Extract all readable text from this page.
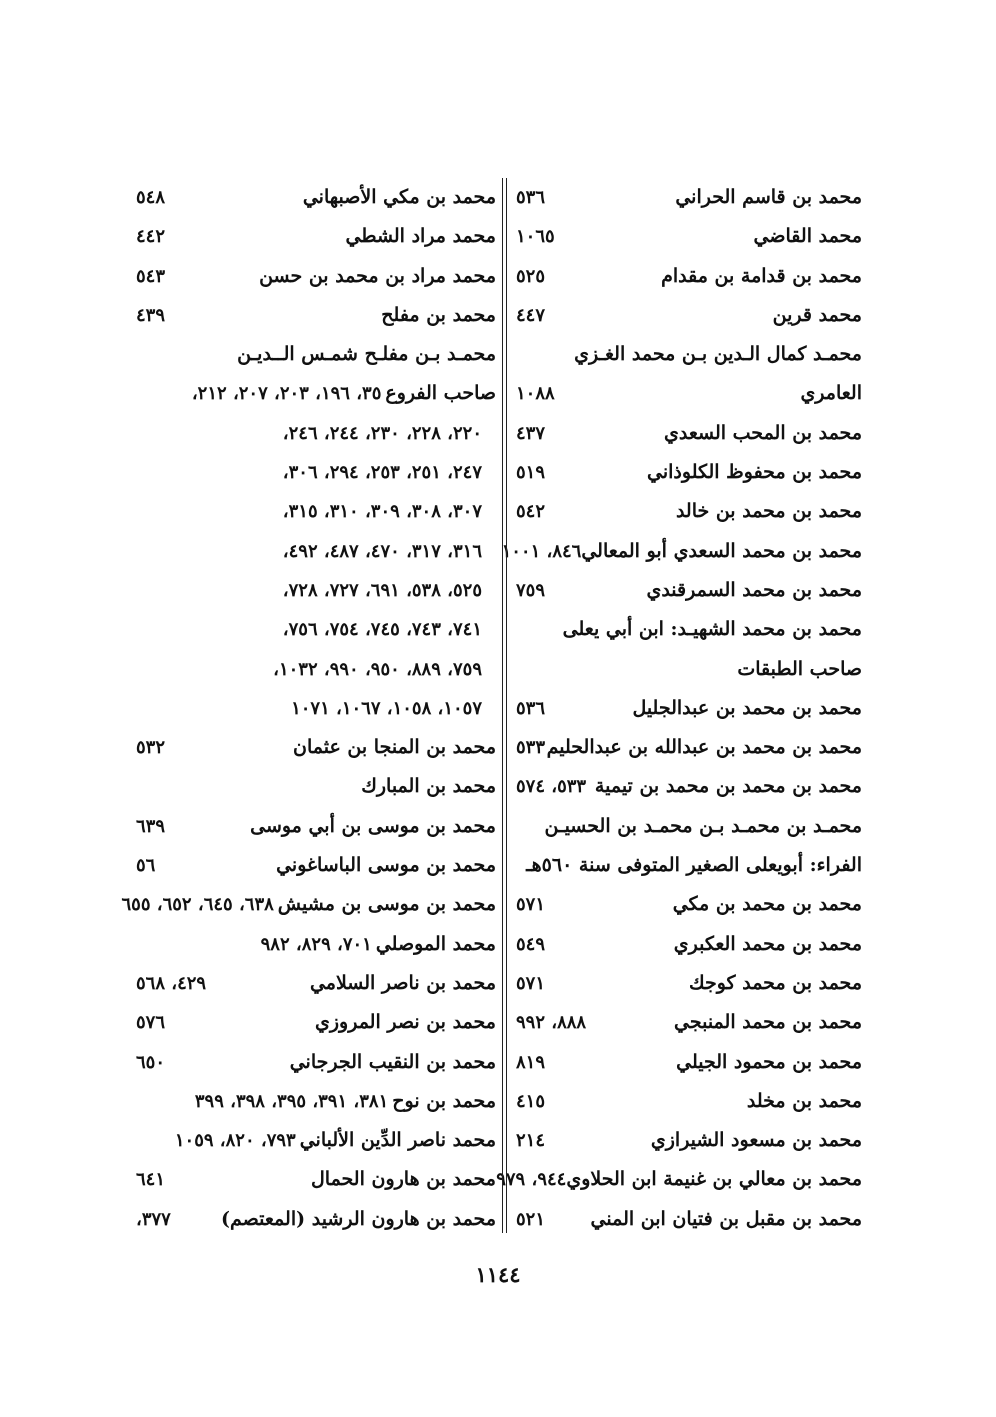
محمد بن قاسم الحراني
٥٣٦
محمد القاضي
١٠٦٥
محمد بن قدامة بن مقدام
٥٢٥
محمد قرين
٤٤٧
محمـد كمال الـدين بـن محمد الغـزي
العامري
١٠٨٨
محمد بن المحب السعدي
٤٣٧
محمد بن محفوظ الكلوذاني
٥١٩
محمد بن محمد بن خالد
٥٤٢
محمد بن محمد السعدي أبو المعالي
٨٤٦، ١٠٠١
محمد بن محمد السمرقندي
٧٥٩
محمد بن محمد الشهيـد: ابن أبي يعلى
صاحب الطبقات
محمد بن محمد بن عبدالجليل
٥٣٦
محمد بن محمد بن عبدالله بن عبدالحليم
٥٣٣
محمد بن محمد بن محمد بن تيمية
٥٣٣، ٥٧٤
محمـد بن محمـد بـن محمـد بن الحسيـن
الفراء: أبويعلى الصغير المتوفى سنة ٥٦٠هـ
محمد بن محمد بن مكي
٥٧١
محمد بن محمد العكبري
٥٤٩
محمد بن محمد كوجك
٥٧١
محمد بن محمد المنبجي
٨٨٨، ٩٩٢
محمد بن محمود الجيلي
٨١٩
محمد بن مخلد
٤١٥
محمد بن مسعود الشيرازي
٢١٤
محمد بن معالي بن غنيمة ابن الحلاوي
٩٤٤، ٩٧٩
محمد بن مقبل بن فتيان ابن المني
٥٢١
محمد بن مكي الأصبهاني
٥٤٨
محمد مراد الشطي
٤٤٢
محمد مراد بن محمد بن حسن
٥٤٣
محمد بن مفلح
٤٣٩
محمـد بـن مفلـح شمـس الــديـن
صاحب الفروع
٣٥، ١٩٦، ٢٠٣، ٢٠٧، ٢١٢،
٢٢٠، ٢٢٨، ٢٣٠، ٢٤٤، ٢٤٦،
٢٤٧، ٢٥١، ٢٥٣، ٢٩٤، ٣٠٦،
٣٠٧، ٣٠٨، ٣٠٩، ٣١٠، ٣١٥،
٣١٦، ٣١٧، ٤٧٠، ٤٨٧، ٤٩٢،
٥٢٥، ٥٣٨، ٦٩١، ٧٢٧، ٧٢٨،
٧٤١، ٧٤٣، ٧٤٥، ٧٥٤، ٧٥٦،
٧٥٩، ٨٨٩، ٩٥٠، ٩٩٠، ١٠٣٢،
١٠٥٧، ١٠٥٨، ١٠٦٧، ١٠٧١
محمد بن المنجا بن عثمان
٥٣٢
محمد بن المبارك
محمد بن موسى بن أبي موسى
٦٣٩
محمد بن موسى الباساغوني
٥٦
محمد بن موسى بن مشيش
٦٣٨، ٦٤٥، ٦٥٢، ٦٥٥
محمد الموصلي
٧٠١، ٨٢٩، ٩٨٢
محمد بن ناصر السلامي
٤٢٩، ٥٦٨
محمد بن نصر المروزي
٥٧٦
محمد بن النقيب الجرجاني
٦٥٠
محمد بن نوح
٣٨١، ٣٩١، ٣٩٥، ٣٩٨، ٣٩٩
محمد ناصر الدِّين الألباني
٧٩٣، ٨٢٠، ١٠٥٩
محمد بن هارون الحمال
٦٤١
محمد بن هارون الرشيد (المعتصم)
٣٧٧،
١١٤٤
